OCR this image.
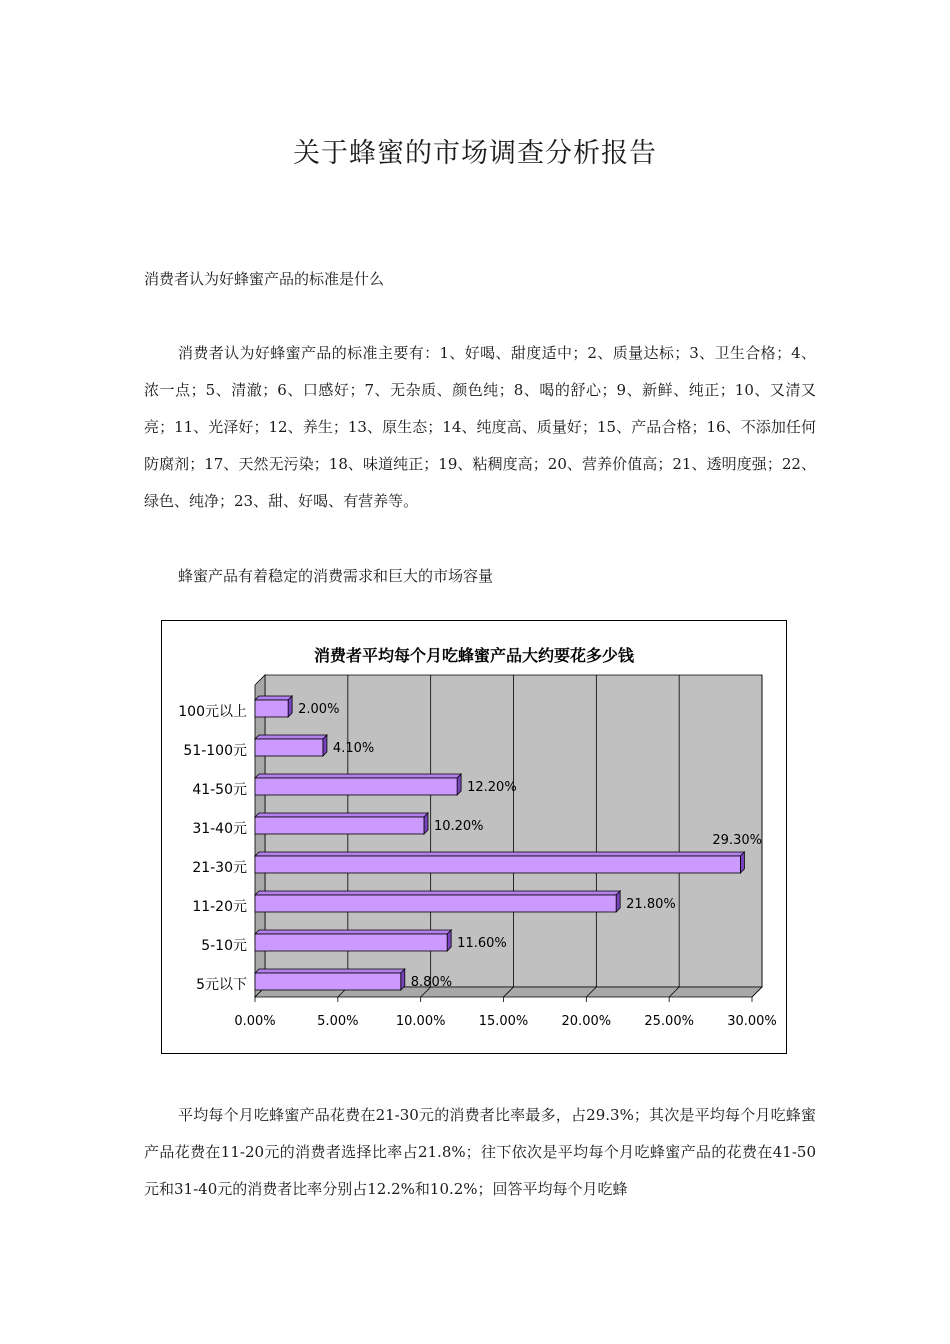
关于蜂蜜的市场调查分析报告
消费者认为好蜂蜜产品的标准是什么

消费者认为好蜂蜜产品的标准主要有：1、好喝、甜度适中；2、质量达标；3、卫生合格；4、浓一点；5、清澈；6、口感好；7、无杂质、颜色纯；8、喝的舒心；9、新鲜、纯正；10、又清又亮；11、光泽好；12、养生；13、原生态；14、纯度高、质量好；15、产品合格；16、不添加任何防腐剂；17、天然无污染；18、味道纯正；19、粘稠度高；20、营养价值高；21、透明度强；22、绿色、纯净；23、甜、好喝、有营养等。

蜂蜜产品有着稳定的消费需求和巨大的市场容量
消费者平均每个月吃蜂蜜产品大约要花多少钱
0.00%	5.00%	10.00%	15.00%	20.00%	25.00%	30.00%
100元以上	2.00%
51-100元	4.10%
41-50元	12.20%
31-40元	10.20%
21-30元
29.30%
11-20元	21.80%
5-10元	11.60%
5元以下	8.80%

平均每个月吃蜂蜜产品花费在21-30元的消费者比率最多，占29.3%；其次是平均每个月吃蜂蜜产品花费在11-20元的消费者选择比率占21.8%；往下依次是平均每个月吃蜂蜜产品的花费在41-50元和31-40元的消费者比率分别占12.2%和10.2%；回答平均每个月吃蜂
